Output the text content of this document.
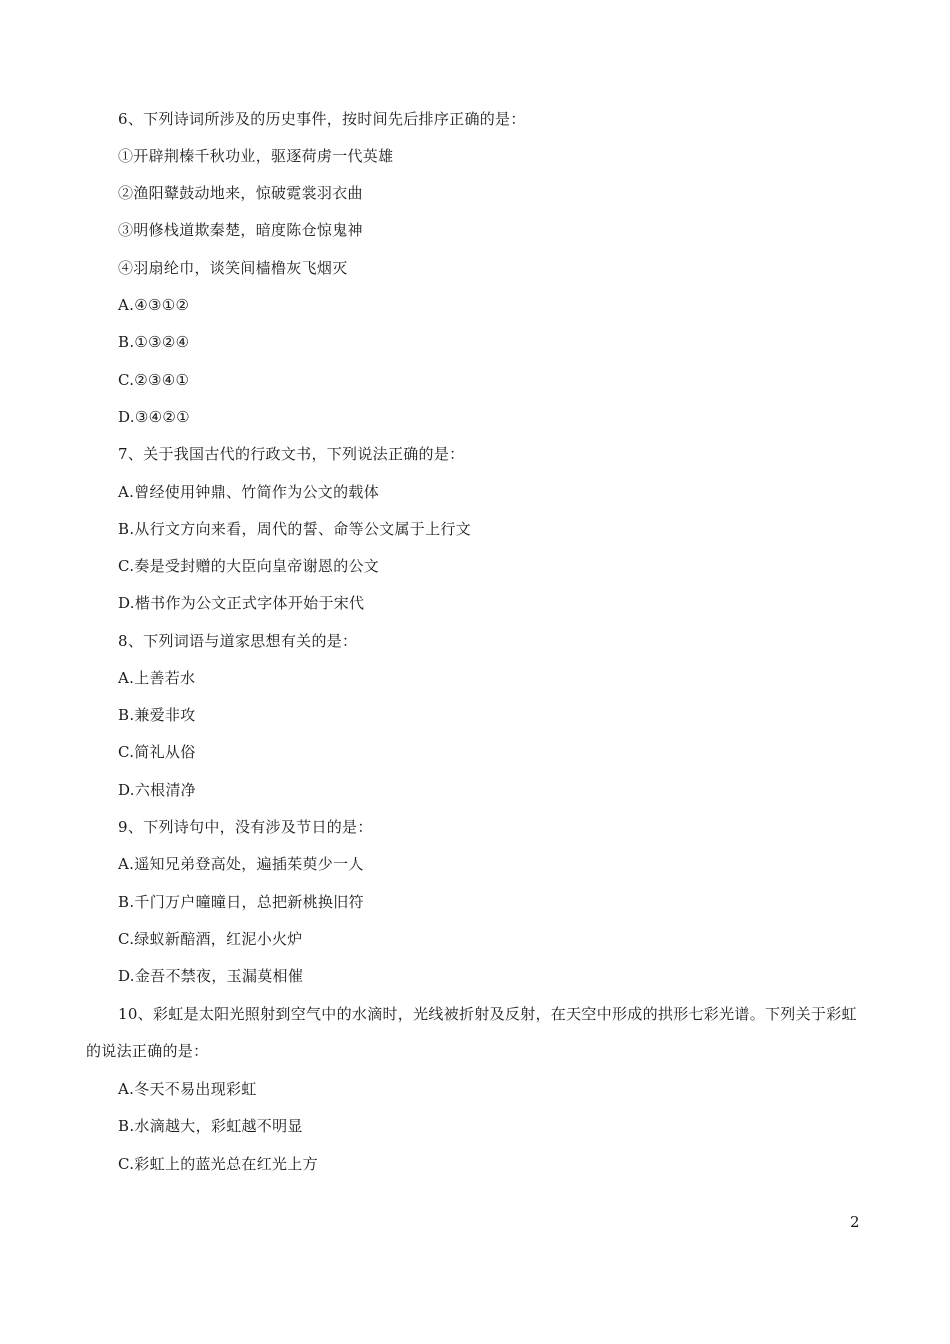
6、下列诗词所涉及的历史事件，按时间先后排序正确的是：
①开辟荆榛千秋功业，驱逐荷虏一代英雄
②渔阳鼙鼓动地来，惊破霓裳羽衣曲
③明修栈道欺秦楚，暗度陈仓惊鬼神
④羽扇纶巾，谈笑间樯橹灰飞烟灭
A.④③①②
B.①③②④
C.②③④①
D.③④②①
7、关于我国古代的行政文书，下列说法正确的是：
A.曾经使用钟鼎、竹简作为公文的载体
B.从行文方向来看，周代的誓、命等公文属于上行文
C.奏是受封赠的大臣向皇帝谢恩的公文
D.楷书作为公文正式字体开始于宋代
8、下列词语与道家思想有关的是：
A.上善若水
B.兼爱非攻
C.简礼从俗
D.六根清净
9、下列诗句中，没有涉及节日的是：
A.遥知兄弟登高处，遍插茱萸少一人
B.千门万户曈曈日，总把新桃换旧符
C.绿蚁新醅酒，红泥小火炉
D.金吾不禁夜，玉漏莫相催
10、彩虹是太阳光照射到空气中的水滴时，光线被折射及反射，在天空中形成的拱形七彩光谱。下列关于彩虹的说法正确的是：
A.冬天不易出现彩虹
B.水滴越大，彩虹越不明显
C.彩虹上的蓝光总在红光上方
2
